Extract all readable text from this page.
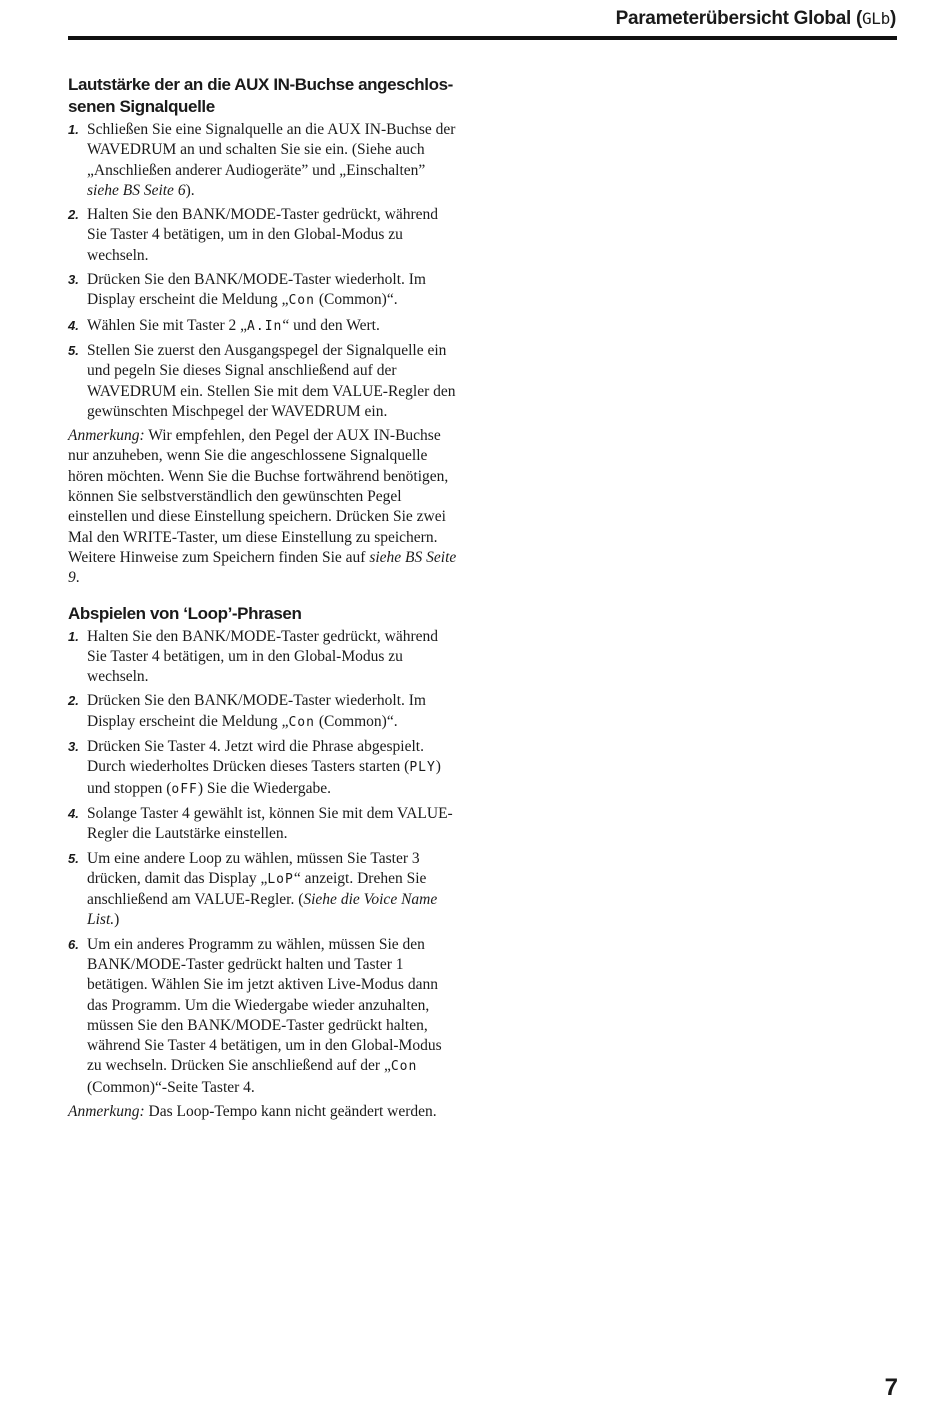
Parameterübersicht Global (GLb)
Lautstärke der an die AUX IN-Buchse angeschlos-
senen Signalquelle
1. Schließen Sie eine Signalquelle an die AUX IN-Buchse der WAVEDRUM an und schalten Sie sie ein. (Siehe auch „Anschließen anderer Audiogeräte” und „Einschalten” siehe BS Seite 6).
2. Halten Sie den BANK/MODE-Taster gedrückt, während Sie Taster 4 betätigen, um in den Global-Modus zu wechseln.
3. Drücken Sie den BANK/MODE-Taster wiederholt. Im Display erscheint die Meldung „Con (Common)“.
4. Wählen Sie mit Taster 2 „A.In“ und den Wert.
5. Stellen Sie zuerst den Ausgangspegel der Signalquelle ein und pegeln Sie dieses Signal anschließend auf der WAVEDRUM ein. Stellen Sie mit dem VALUE-Regler den gewünschten Mischpegel der WAVEDRUM ein.

Anmerkung: Wir empfehlen, den Pegel der AUX IN-Buchse nur anzuheben, wenn Sie die angeschlossene Signalquelle hören möchten. Wenn Sie die Buchse fortwährend benötigen, können Sie selbstverständlich den gewünschten Pegel einstellen und diese Einstellung speichern. Drücken Sie zwei Mal den WRITE-Taster, um diese Einstellung zu speichern. Weitere Hinweise zum Speichern finden Sie auf siehe BS Seite 9.

Abspielen von ‘Loop’-Phrasen
1. Halten Sie den BANK/MODE-Taster gedrückt, während Sie Taster 4 betätigen, um in den Global-Modus zu wechseln.
2. Drücken Sie den BANK/MODE-Taster wiederholt. Im Display erscheint die Meldung „Con (Common)“.
3. Drücken Sie Taster 4. Jetzt wird die Phrase abgespielt. Durch wiederholtes Drücken dieses Tasters starten (PLY) und stoppen (oFF) Sie die Wiedergabe.
4. Solange Taster 4 gewählt ist, können Sie mit dem VALUE-Regler die Lautstärke einstellen.
5. Um eine andere Loop zu wählen, müssen Sie Taster 3 drücken, damit das Display „LoP“ anzeigt. Drehen Sie anschließend am VALUE-Regler. (Siehe die Voice Name List.)
6. Um ein anderes Programm zu wählen, müssen Sie den BANK/MODE-Taster gedrückt halten und Taster 1 betätigen. Wählen Sie im jetzt aktiven Live-Modus dann das Programm. Um die Wiedergabe wieder anzuhalten, müssen Sie den BANK/MODE-Taster gedrückt halten, während Sie Taster 4 betätigen, um in den Global-Modus zu wechseln. Drücken Sie anschließend auf der „Con (Common)“-Seite Taster 4.

Anmerkung: Das Loop-Tempo kann nicht geändert werden.

7
